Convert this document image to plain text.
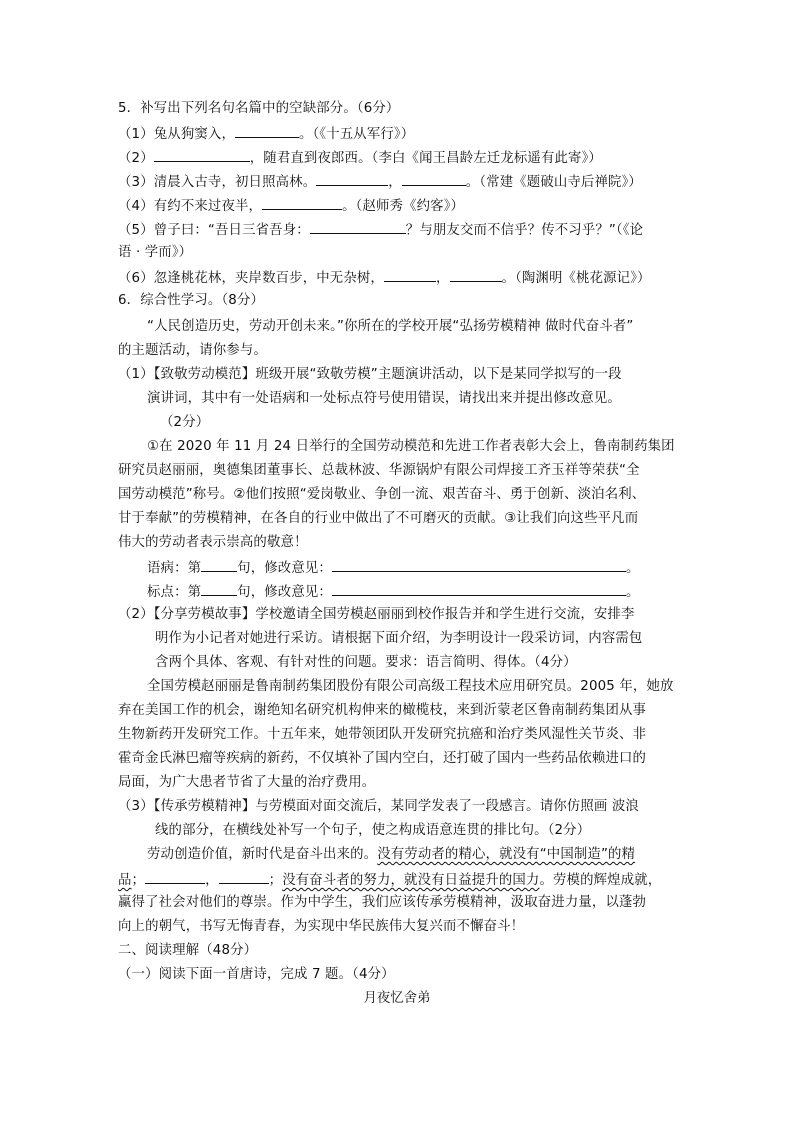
5．补写出下列名句名篇中的空缺部分。（6分）
（1）兔从狗窦入，	。（《十五从军行》）
（2）	，随君直到夜郎西。（李白《闻王昌龄左迁龙标遥有此寄》）
（3）清晨入古寺，初日照高林。	，	。（常建《题破山寺后禅院》）
（4）有约不来过夜半，	。（赵师秀《约客》）
（5）曾子曰：“吾日三省吾身：	？与朋友交而不信乎？传不习乎？”（《论
语 · 学而》）
（6）忽逢桃花林，夹岸数百步，中无杂树，	，	。（陶渊明《桃花源记》）
6．综合性学习。（8分）
“人民创造历史，劳动开创未来。”你所在的学校开展“弘扬劳模精神 做时代奋斗者”
的主题活动，请你参与。
（1）【致敬劳动模范】班级开展“致敬劳模”主题演讲活动，以下是某同学拟写的一段
演讲词，其中有一处语病和一处标点符号使用错误，请找出来并提出修改意见。
（2分）
①在 2020 年 11 月 24 日举行的全国劳动模范和先进工作者表彰大会上，鲁南制药集团
研究员赵丽丽，奥德集团董事长、总裁林波、华源锅炉有限公司焊接工齐玉祥等荣获“全
国劳动模范”称号。②他们按照“爱岗敬业、争创一流、艰苦奋斗、勇于创新、淡泊名利、
甘于奉献”的劳模精神，在各自的行业中做出了不可磨灭的贡献。③让我们向这些平凡而
伟大的劳动者表示崇高的敬意！
语病：第	句，修改意见：	。
标点：第	句，修改意见：	。
（2）【分享劳模故事】学校邀请全国劳模赵丽丽到校作报告并和学生进行交流，安排李
明作为小记者对她进行采访。请根据下面介绍，为李明设计一段采访词，内容需包
含两个具体、客观、有针对性的问题。要求：语言简明、得体。（4分）
全国劳模赵丽丽是鲁南制药集团股份有限公司高级工程技术应用研究员。2005 年，她放
弃在美国工作的机会，谢绝知名研究机构伸来的橄榄枝，来到沂蒙老区鲁南制药集团从事
生物新药开发研究工作。十五年来，她带领团队开发研究抗癌和治疗类风湿性关节炎、非
霍奇金氏淋巴瘤等疾病的新药，不仅填补了国内空白，还打破了国内一些药品依赖进口的
局面，为广大患者节省了大量的治疗费用。
（3）【传承劳模精神】与劳模面对面交流后，某同学发表了一段感言。请你仿照画 波浪
线的部分，在横线处补写一个句子，使之构成语意连贯的排比句。（2分）
劳动创造价值，新时代是奋斗出来的。没有劳动者的精心，就没有“中国制造”的精
品；	，	；没有奋斗者的努力，就没有日益提升的国力。劳模的辉煌成就，
赢得了社会对他们的尊崇。作为中学生，我们应该传承劳模精神，汲取奋进力量，以蓬勃
向上的朝气，书写无悔青春，为实现中华民族伟大复兴而不懈奋斗！
二、阅读理解（48分）
（一）阅读下面一首唐诗，完成 7 题。（4分）
月夜忆舍弟
